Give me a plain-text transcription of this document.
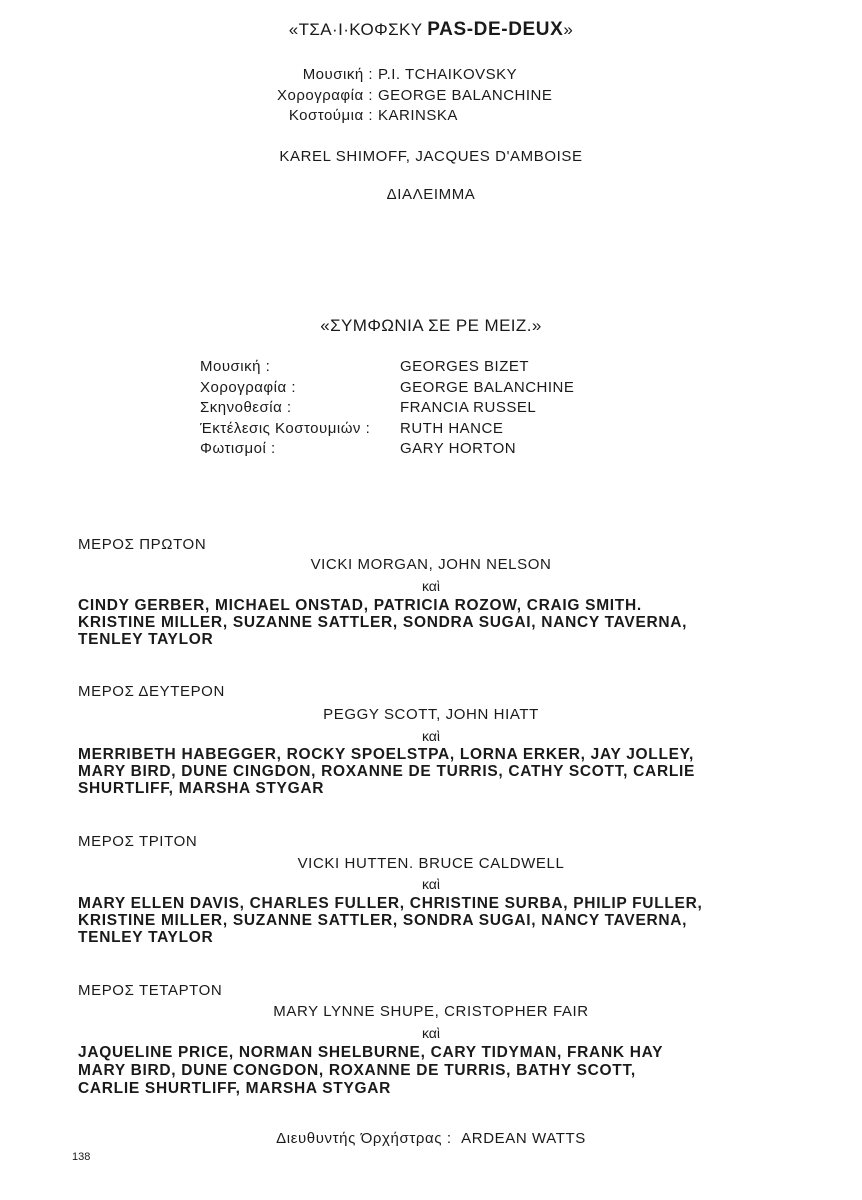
«ΤΣΑ·Ι·ΚΟΦΣΚΥ PAS-DE-DEUX»
Μουσική : P.I. TCHAIKOVSKY
Χορογραφία : GEORGE BALANCHINE
Κοστούμια : KARINSKA
KAREL SHIMOFF, JACQUES D'AMBOISE
ΔΙΑΛΕΙΜΜΑ
«ΣΥΜΦΩΝΙΑ ΣΕ ΡΕ ΜΕΙΖ.»
Μουσική :	GEORGES BIZET
Χορογραφία :	GEORGE BALANCHINE
Σκηνοθεσία :	FRANCIA RUSSEL
Έκτέλεσις Κοστουμιών : RUTH HANCE
Φωτισμοί :	GARY HORTON
ΜΕΡΟΣ ΠΡΩΤΟΝ
VICKI MORGAN, JOHN NELSON
καὶ
CINDY GERBER, MICHAEL ONSTAD, PATRICIA ROZOW, CRAIG SMITH.
KRISTINE MILLER, SUZANNE SATTLER, SONDRA SUGAI, NANCY TAVERNA,
TENLEY TAYLOR
ΜΕΡΟΣ ΔΕΥΤΕΡΟΝ
PEGGY SCOTT, JOHN HIATT
καὶ
MERRIBETH HABEGGER, ROCKY SPOELSTPA, LORNA ERKER, JAY JOLLEY,
MARY BIRD, DUNE CINGDON, ROXANNE DE TURRIS, CATHY SCOTT, CARLIE
SHURTLIFF, MARSHA STYGAR
ΜΕΡΟΣ ΤΡΙΤΟΝ
VICKI HUTTEN. BRUCE CALDWELL
καὶ
MARY ELLEN DAVIS, CHARLES FULLER, CHRISTINE SURBA, PHILIP FULLER,
KRISTINE MILLER, SUZANNE SATTLER, SONDRA SUGAI, NANCY TAVERNA,
TENLEY TAYLOR
ΜΕΡΟΣ ΤΕΤΑΡΤΟΝ
MARY LYNNE SHUPE, CRISTOPHER FAIR
καὶ
JAQUELINE PRICE, NORMAN SHELBURNE, CARY TIDYMAN, FRANK HAY
MARY BIRD, DUNE CONGDON, ROXANNE DE TURRIS, BATHY SCOTT,
CARLIE SHURTLIFF, MARSHA STYGAR
Διευθυντής Όρχήστρας : ARDEAN WATTS
138
